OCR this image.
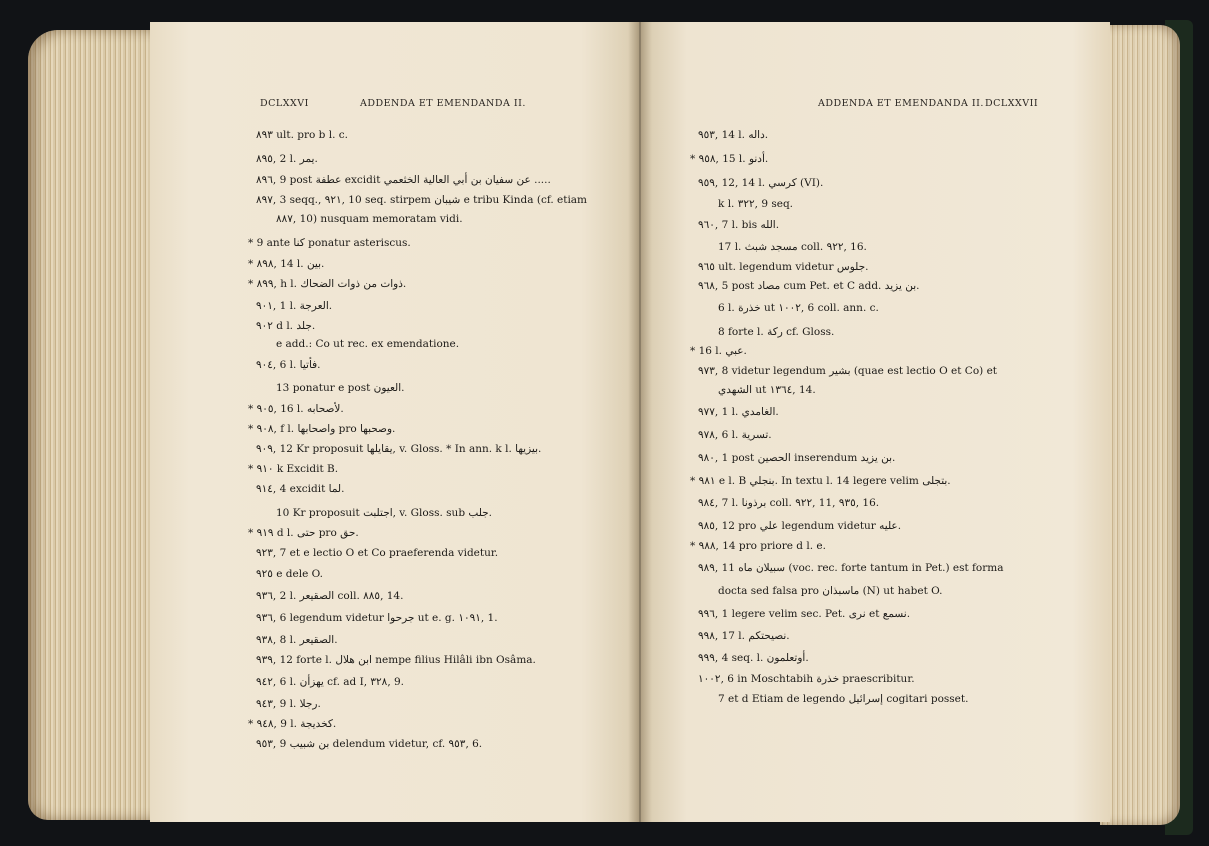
DCLXXVI	ADDENDA ET EMENDANDA II.
٨٩٣ ult. pro b l. c.
٨٩٥, 2 l. يمر.
٨٩٦, 9 post عطفة excidit عن سفيان بن أبي العالية الخثعمي .....
٨٩٧, 3 seqq., ٩٢١, 10 seq. stirpem شيبان e tribu Kinda (cf. etiam
٨٨٧, 10) nusquam memoratam vidi.
* 9 ante كنا ponatur asteriscus.
* ٨٩٨, 14 l. بين.
* ٨٩٩, h l. ذوات من ذوات الضحاك.
٩٠١, 1 l. العرجة.
٩٠٢ d l. جلد.
e add.: Co ut rec. ex emendatione.
٩٠٤, 6 l. فأتيا.
13 ponatur e post العيون.
* ٩٠٥, 16 l. لأصحابه.
* ٩٠٨, f l. واصحابها pro وصحبها.
٩٠٩, 12 Kr proposuit يقايلها, v. Gloss. * In ann. k l. بيزيها.
* ٩١٠ k Excidit B.
٩١٤, 4 excidit لما.
10 Kr proposuit اجتلبت, v. Gloss. sub جلب.
* ٩١٩ d l. حتى pro حق.
٩٢٣, 7 et e lectio O et Co praeferenda videtur.
٩٢٥ e dele O.
٩٣٦, 2 l. الصقيعر coll. ٨٨٥, 14.
٩٣٦, 6 legendum videtur جرحوا ut e. g. ١٠٩١, 1.
٩٣٨, 8 l. الصقيعر.
٩٣٩, 12 forte l. ابن هلال nempe filius Hilâli ibn Osâma.
٩٤٢, 6 l. يهزأن cf. ad I, ٣٢٨, 9.
٩٤٣, 9 l. رجلا.
* ٩٤٨, 9 l. كخديجة.
٩٥٣, 9 بن شبيب delendum videtur, cf. ٩٥٣, 6.
ADDENDA ET EMENDANDA II. DCLXXVII
٩٥٣, 14 l. داله.
* ٩٥٨, 15 l. أدنو.
٩٥٩, 12, 14 l. كرسي (VI).
k l. ٣٢٢, 9 seq.
٩٦٠, 7 l. bis الله.
17 l. مسجد شبث coll. ٩٢٢, 16.
٩٦٥ ult. legendum videtur جلوس.
٩٦٨, 5 post مصاد cum Pet. et C add. بن يزيد.
6 l. خذرة ut ١٠٠٢, 6 coll. ann. c.
8 forte l. ركة cf. Gloss.
* 16 l. عبي.
٩٧٣, 8 videtur legendum بشير (quae est lectio O et Co) et
الشهدي ut ١٣٦٤, 14.
٩٧٧, 1 l. الغامدي.
٩٧٨, 6 l. تسرية.
٩٨٠, 1 post الحصين inserendum بن يزيد.
* ٩٨١ e l. B بنجلي. In textu l. 14 legere velim بتجلى.
٩٨٤, 7 l. برذونا coll. ٩٢٢, 11, ٩٣٥, 16.
٩٨٥, 12 pro علي legendum videtur عليه.
* ٩٨٨, 14 pro priore d l. e.
٩٨٩, 11 سبيلان ماه (voc. rec. forte tantum in Pet.) est forma
docta sed falsa pro ماسبذان (N) ut habet O.
٩٩٦, 1 legere velim sec. Pet. نرى et نسمع.
٩٩٨, 17 l. نصيحتكم.
٩٩٩, 4 seq. l. أوتعلمون.
١٠٠٢, 6 in Moschtabih خذرة praescribitur.
7 et d Etiam de legendo إسرائيل cogitari posset.
